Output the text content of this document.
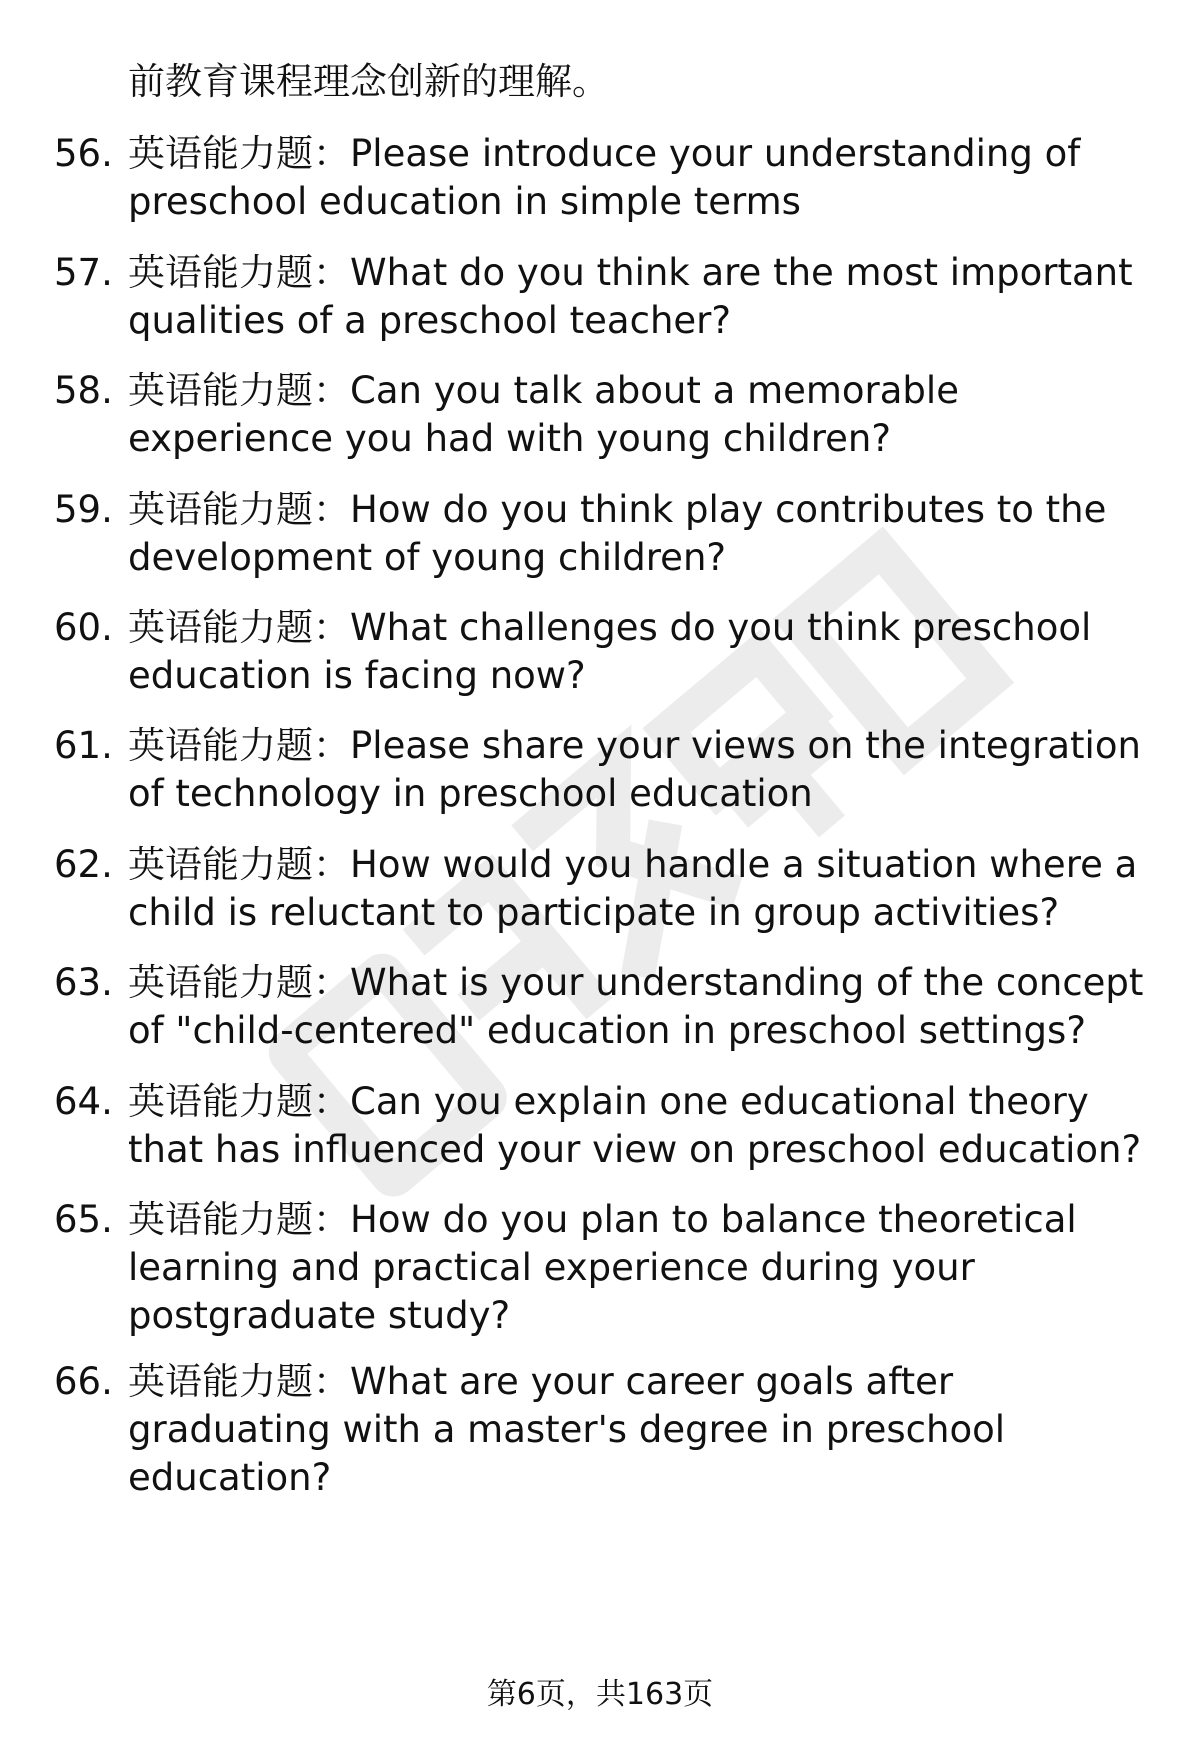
前教育课程理念创新的理解。
56. 英语能力题：Please introduce your understanding of preschool education in simple terms
57. 英语能力题：What do you think are the most important qualities of a preschool teacher?
58. 英语能力题：Can you talk about a memorable experience you had with young children?
59. 英语能力题：How do you think play contributes to the development of young children?
60. 英语能力题：What challenges do you think preschool education is facing now?
61. 英语能力题：Please share your views on the integration of technology in preschool education
62. 英语能力题：How would you handle a situation where a child is reluctant to participate in group activities?
63. 英语能力题：What is your understanding of the concept of "child-centered" education in preschool settings?
64. 英语能力题：Can you explain one educational theory that has influenced your view on preschool education?
65. 英语能力题：How do you plan to balance theoretical learning and practical experience during your postgraduate study?
66. 英语能力题：What are your career goals after graduating with a master's degree in preschool education?
第6页，共163页
